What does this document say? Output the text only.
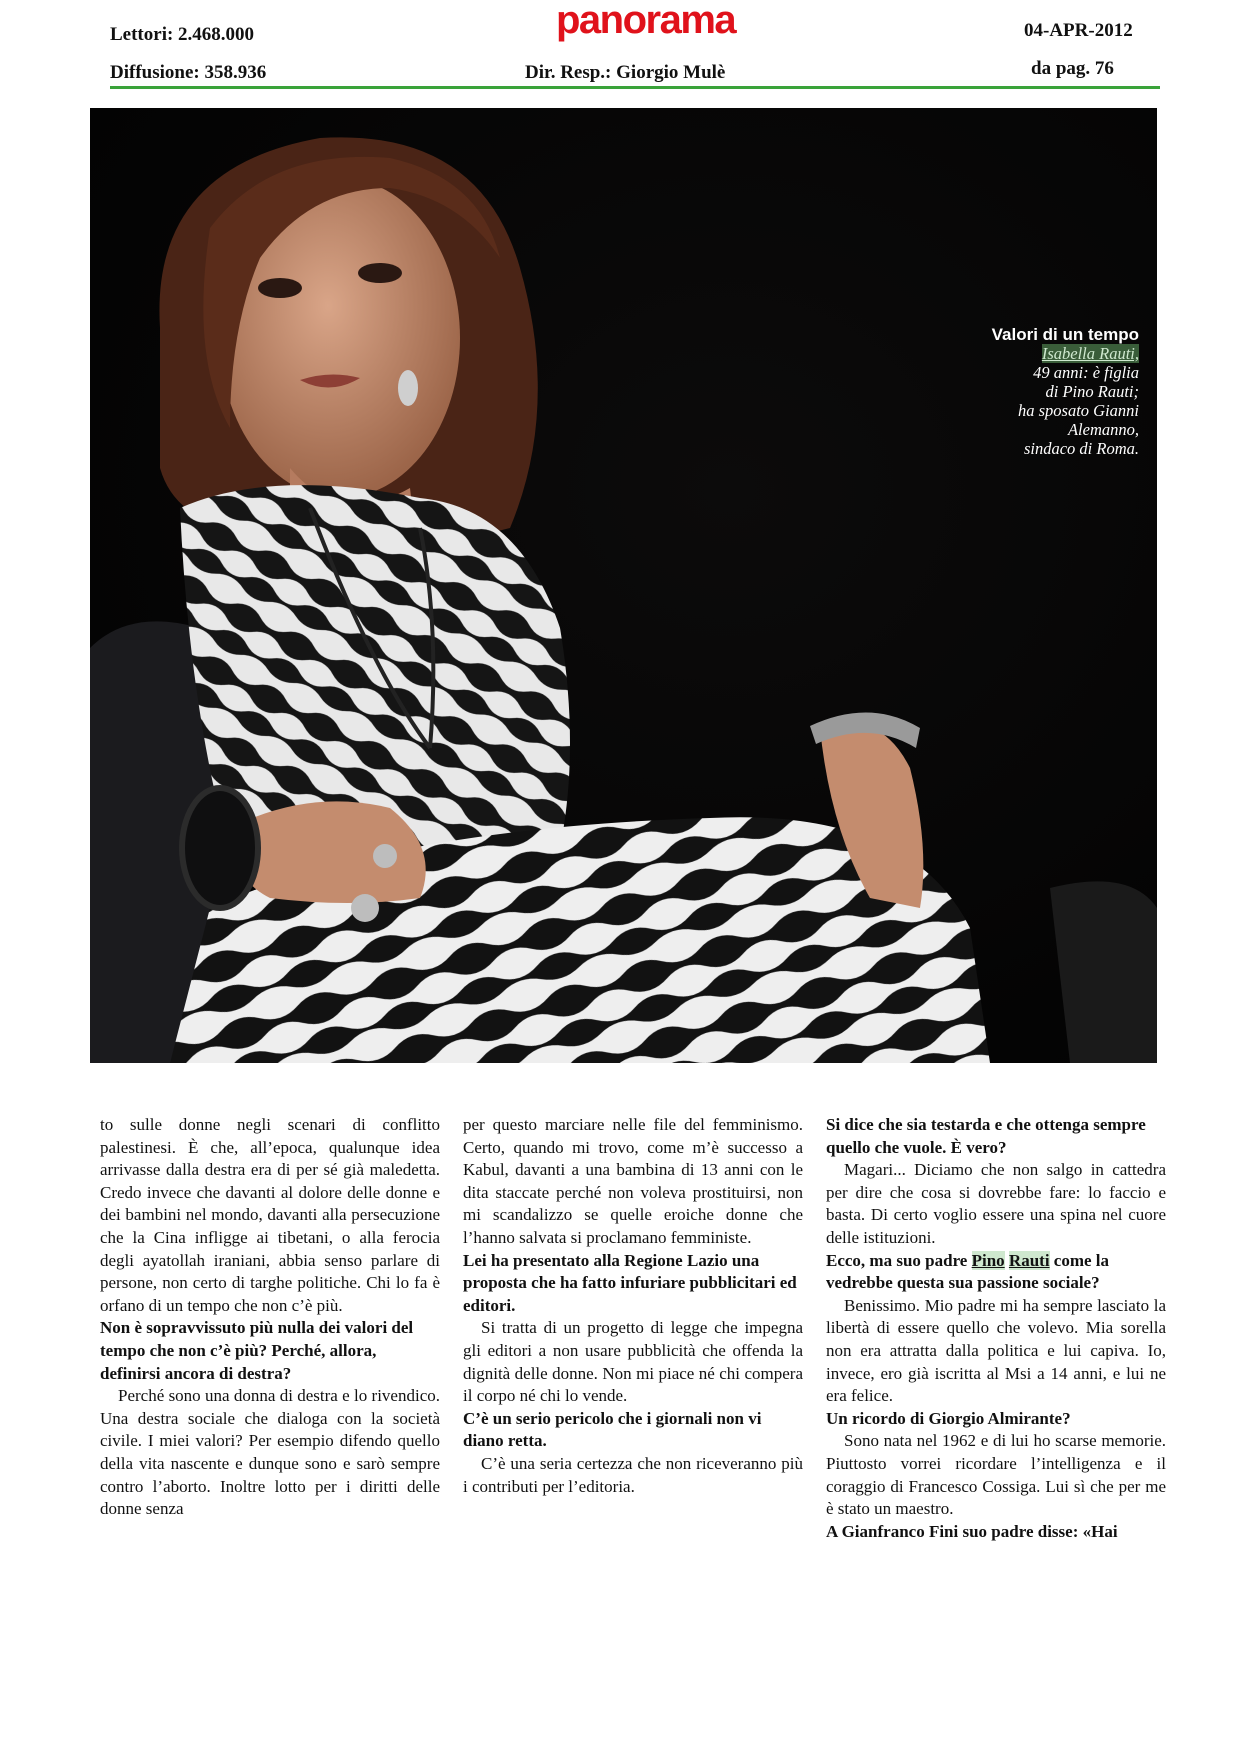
Lettori: 2.468.000
Diffusione: 358.936
panorama
Dir. Resp.: Giorgio Mulè
04-APR-2012
da pag. 76
Valori di un tempo
Isabella Rauti,
49 anni: è figlia
di Pino Rauti;
ha sposato Gianni
Alemanno,
sindaco di Roma.

to sulle donne negli scenari di conflitto palestinesi. È che, all’epoca, qualunque idea arrivasse dalla destra era di per sé già maledetta. Credo invece che davanti al dolore delle donne e dei bambini nel mondo, davanti alla persecuzione che la Cina infligge ai tibetani, o alla ferocia degli ayatollah iraniani, abbia senso parlare di persone, non certo di targhe politiche. Chi lo fa è orfano di un tempo che non c’è più.

Non è sopravvissuto più nulla dei valori del tempo che non c’è più? Perché, allora, definirsi ancora di destra?

Perché sono una donna di destra e lo rivendico. Una destra sociale che dialoga con la società civile. I miei valori? Per esempio difendo quello della vita nascente e dunque sono e sarò sempre contro l’aborto. Inoltre lotto per i diritti delle donne senza

per questo marciare nelle file del femminismo. Certo, quando mi trovo, come m’è successo a Kabul, davanti a una bambina di 13 anni con le dita staccate perché non voleva prostituirsi, non mi scandalizzo se quelle eroiche donne che l’hanno salvata si proclamano femministe.

Lei ha presentato alla Regione Lazio una proposta che ha fatto infuriare pubblicitari ed editori.

Si tratta di un progetto di legge che impegna gli editori a non usare pubblicità che offenda la dignità delle donne. Non mi piace né chi compera il corpo né chi lo vende.

C’è un serio pericolo che i giornali non vi diano retta.

C’è una seria certezza che non riceveranno più i contributi per l’editoria.

Si dice che sia testarda e che ottenga sempre quello che vuole. È vero?

Magari... Diciamo che non salgo in cattedra per dire che cosa si dovrebbe fare: lo faccio e basta. Di certo voglio essere una spina nel cuore delle istituzioni.

Ecco, ma suo padre Pino Rauti come la vedrebbe questa sua passione sociale?

Benissimo. Mio padre mi ha sempre lasciato la libertà di essere quello che volevo. Mia sorella non era attratta dalla politica e lui capiva. Io, invece, ero già iscritta al Msi a 14 anni, e lui ne era felice.

Un ricordo di Giorgio Almirante?

Sono nata nel 1962 e di lui ho scarse memorie. Piuttosto vorrei ricordare l’intelligenza e il coraggio di Francesco Cossiga. Lui sì che per me è stato un maestro.

A Gianfranco Fini suo padre disse: «Hai
